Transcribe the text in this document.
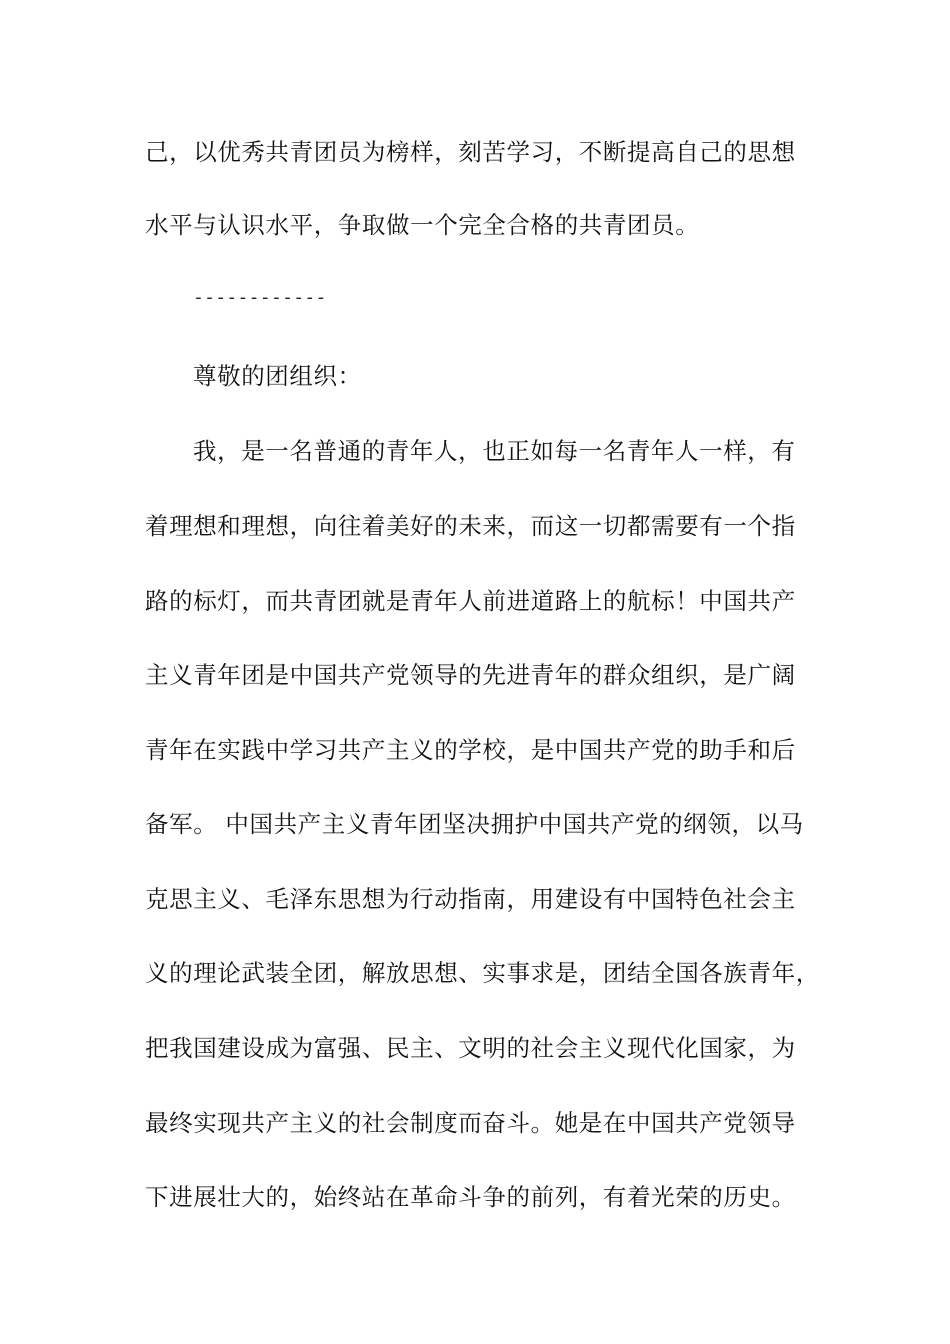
己，以优秀共青团员为榜样，刻苦学习，不断提高自己的思想
水平与认识水平，争取做一个完全合格的共青团员。
------------
尊敬的团组织：
我，是一名普通的青年人，也正如每一名青年人一样，有
着理想和理想，向往着美好的未来，而这一切都需要有一个指
路的标灯，而共青团就是青年人前进道路上的航标！中国共产
主义青年团是中国共产党领导的先进青年的群众组织，是广阔
青年在实践中学习共产主义的学校，是中国共产党的助手和后
备军。 中国共产主义青年团坚决拥护中国共产党的纲领，以马
克思主义、毛泽东思想为行动指南，用建设有中国特色社会主
义的理论武装全团，解放思想、实事求是，团结全国各族青年，
把我国建设成为富强、民主、文明的社会主义现代化国家，为
最终实现共产主义的社会制度而奋斗。她是在中国共产党领导
下进展壮大的，始终站在革命斗争的前列，有着光荣的历史。
